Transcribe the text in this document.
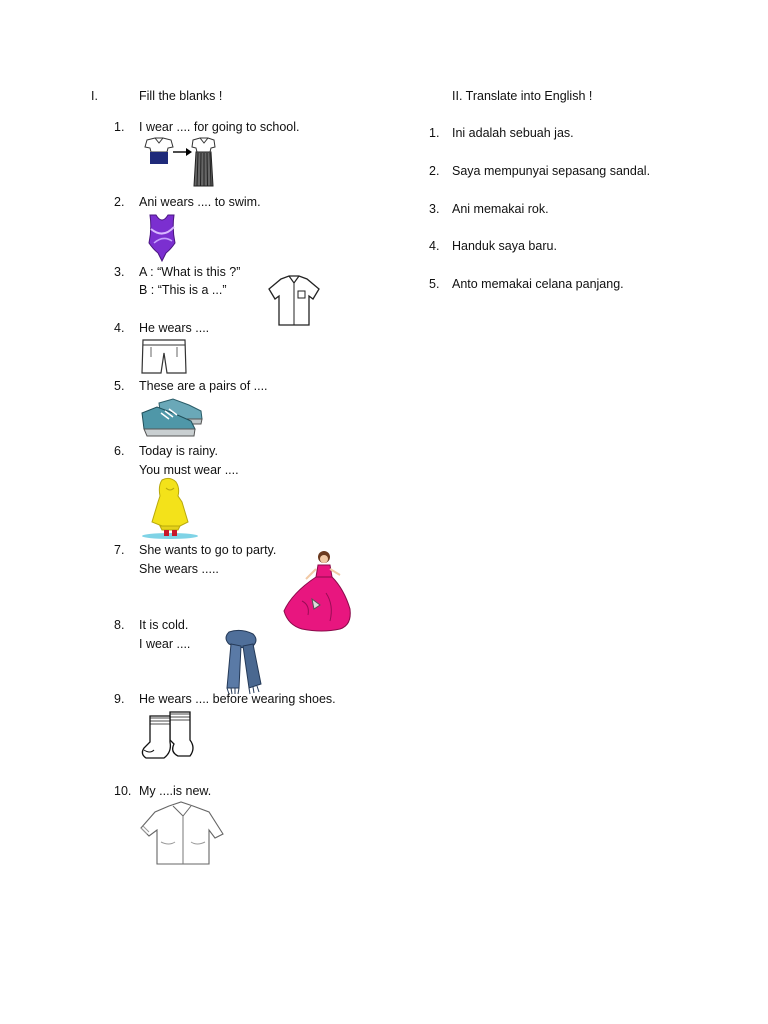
I.	Fill the blanks !
1. I wear .... for going to school.
2. Ani wears .... to swim.
3. A : “What is this ?”
B : “This is a ...”
4. He wears ....
5. These are a pairs of ....
6. Today is rainy.
You must wear ....
7. She wants to go to party.
She wears .....
8. It is cold.
I wear ....
9. He wears .... before wearing shoes.
10. My ....is new.
II. Translate into English !
1. Ini adalah sebuah jas.
2. Saya mempunyai sepasang sandal.
3. Ani memakai rok.
4. Handuk saya baru.
5. Anto memakai celana panjang.
